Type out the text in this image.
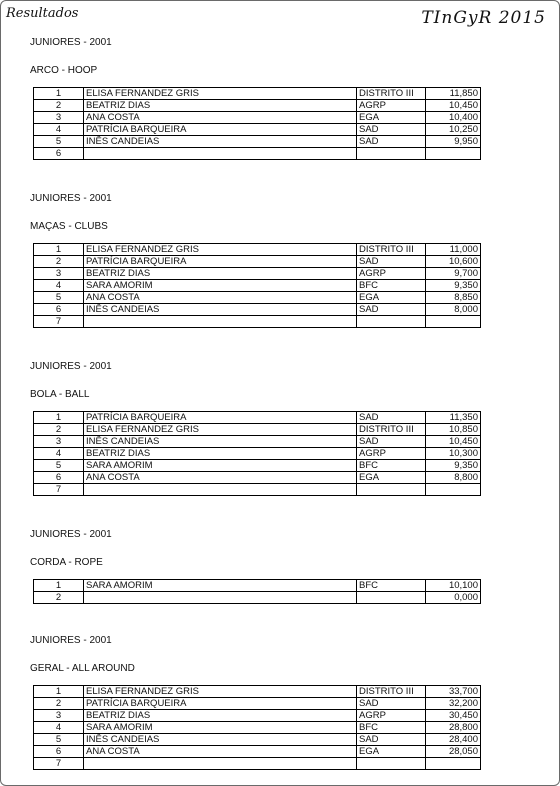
Resultados	TInGyR 2015
JUNIORES - 2001
ARCO - HOOP
1	ELISA FERNANDEZ GRIS	DISTRITO III	11,850
2	BEATRIZ DIAS	AGRP	10,450
3	ANA COSTA	EGA	10,400
4	PATRÍCIA BARQUEIRA	SAD	10,250
5	INÊS CANDEIAS	SAD	9,950
6			
JUNIORES - 2001
MAÇAS - CLUBS
1	ELISA FERNANDEZ GRIS	DISTRITO III	11,000
2	PATRÍCIA BARQUEIRA	SAD	10,600
3	BEATRIZ DIAS	AGRP	9,700
4	SARA AMORIM	BFC	9,350
5	ANA COSTA	EGA	8,850
6	INÊS CANDEIAS	SAD	8,000
7			
JUNIORES - 2001
BOLA - BALL
1	PATRÍCIA BARQUEIRA	SAD	11,350
2	ELISA FERNANDEZ GRIS	DISTRITO III	10,850
3	INÊS CANDEIAS	SAD	10,450
4	BEATRIZ DIAS	AGRP	10,300
5	SARA AMORIM	BFC	9,350
6	ANA COSTA	EGA	8,800
7			
JUNIORES - 2001
CORDA - ROPE
1	SARA AMORIM	BFC	10,100
2			0,000
JUNIORES - 2001
GERAL - ALL AROUND
1	ELISA FERNANDEZ GRIS	DISTRITO III	33,700
2	PATRÍCIA BARQUEIRA	SAD	32,200
3	BEATRIZ DIAS	AGRP	30,450
4	SARA AMORIM	BFC	28,800
5	INÊS CANDEIAS	SAD	28,400
6	ANA COSTA	EGA	28,050
7			
